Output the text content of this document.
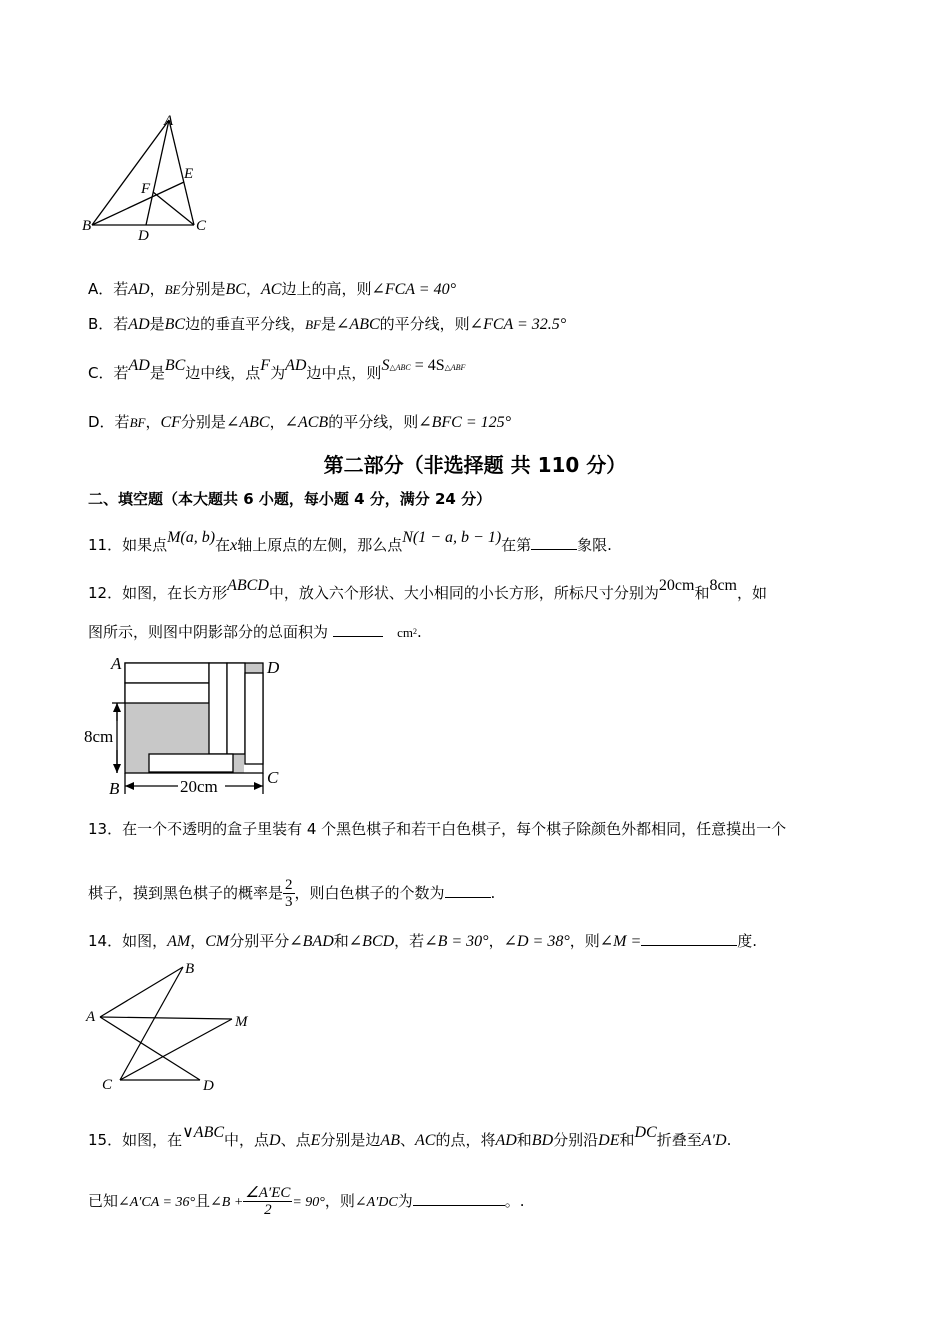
A
B	C
D
E
F
A．若AD，BE分别是BC，AC边上的高，则∠FCA = 40°
B．若AD是BC边的垂直平分线，BF是∠ABC的平分线，则∠FCA = 32.5°
C．若AD是BC边中线，点F为AD边中点，则S△ABC = 4S△ABF
D．若BF，CF分别是∠ABC，∠ACB的平分线，则∠BFC = 125°
第二部分（非选择题 共 110 分）
二、填空题（本大题共 6 小题，每小题 4 分，满分 24 分）
11．如果点M(a, b)在x轴上原点的左侧，那么点N(1 − a, b − 1)在第	象限.
12．如图，在长方形ABCD中，放入六个形状、大小相同的小长方形，所标尺寸分别为20cm和8cm，如
图所示，则图中阴影部分的总面积为	$cm^2$.
A	D
B
C
8cm
20cm
13．在一个不透明的盒子里装有 4 个黑色棋子和若干白色棋子，每个棋子除颜色外都相同，任意摸出一个
棋子，摸到黑色棋子的概率是 $\frac{2}{3}$ ，则白色棋子的个数为	.
14．如图，AM，CM分别平分∠BAD和∠BCD，若∠B = 30°，∠D = 38°，则∠M =	度.
B
A	M
C	D
15．如图，在∨ABC中，点D、点E分别是边AB、AC的点，将AD和BD分别沿DE和DC折叠至A′D.
已知∠A′CA = 36°且∠B + $\frac{\angle A'EC}{2} = 90^\circ$，则∠A′DC为	。.
